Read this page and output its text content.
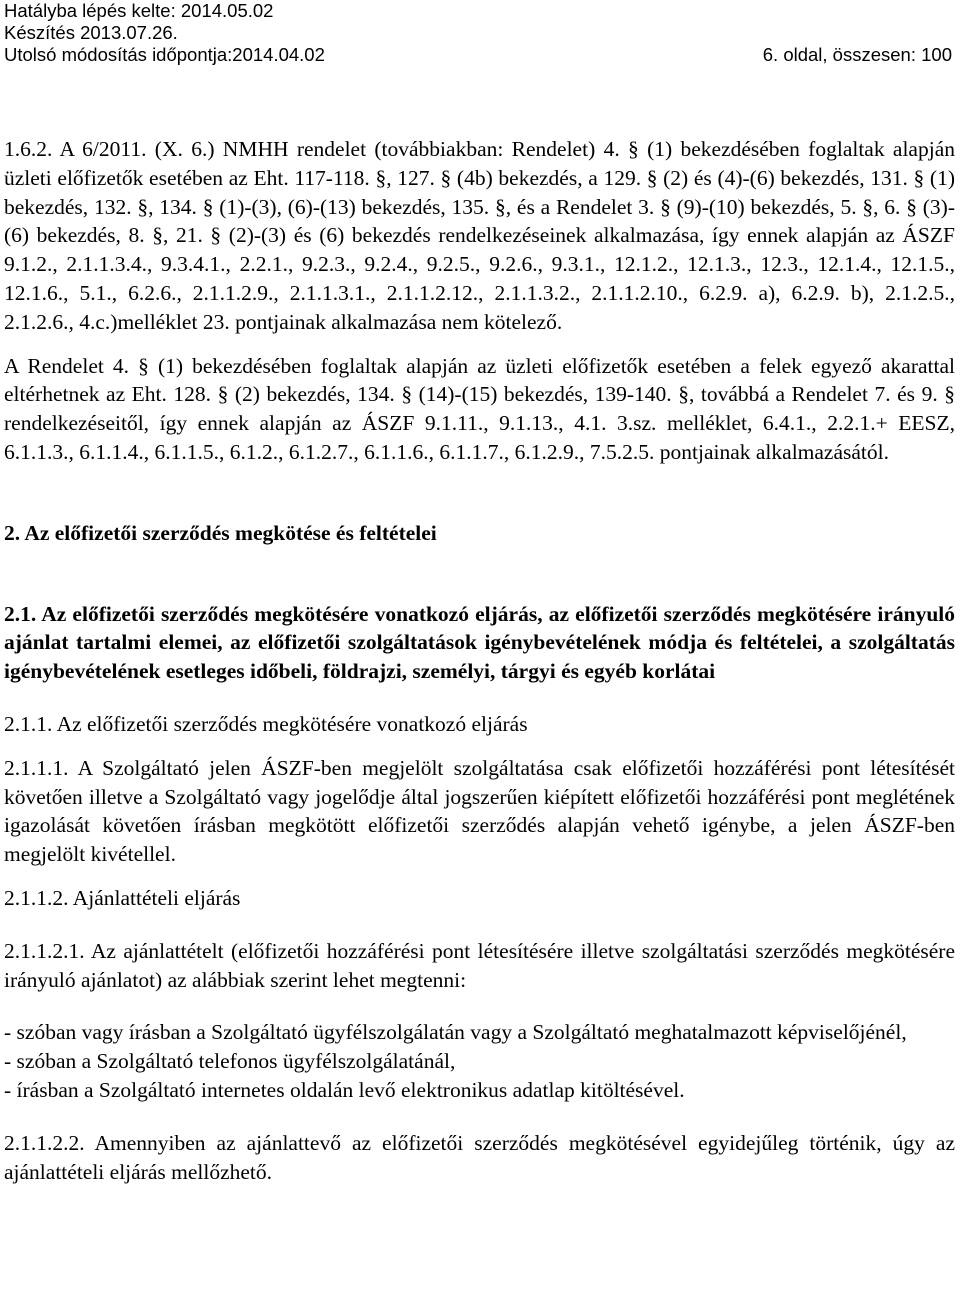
Hatályba lépés kelte: 2014.05.02
Készítés 2013.07.26.
Utolsó módosítás időpontja:2014.04.02	6. oldal, összesen: 100

1.6.2. A 6/2011. (X. 6.) NMHH rendelet (továbbiakban: Rendelet) 4. § (1) bekezdésében foglaltak alapján üzleti előfizetők esetében az Eht. 117-118. §, 127. § (4b) bekezdés, a 129. § (2) és (4)-(6) bekezdés, 131. § (1) bekezdés, 132. §, 134. § (1)-(3), (6)-(13) bekezdés, 135. §, és a Rendelet 3. § (9)-(10) bekezdés, 5. §, 6. § (3)-(6) bekezdés, 8. §, 21. § (2)-(3) és (6) bekezdés rendelkezéseinek alkalmazása, így ennek alapján az ÁSZF 9.1.2., 2.1.1.3.4., 9.3.4.1., 2.2.1., 9.2.3., 9.2.4., 9.2.5., 9.2.6., 9.3.1., 12.1.2., 12.1.3., 12.3., 12.1.4., 12.1.5., 12.1.6., 5.1., 6.2.6., 2.1.1.2.9., 2.1.1.3.1., 2.1.1.2.12., 2.1.1.3.2., 2.1.1.2.10., 6.2.9. a), 6.2.9. b), 2.1.2.5., 2.1.2.6., 4.c.)melléklet 23. pontjainak alkalmazása nem kötelező.

A Rendelet 4. § (1) bekezdésében foglaltak alapján az üzleti előfizetők esetében a felek egyező akarattal eltérhetnek az Eht. 128. § (2) bekezdés, 134. § (14)-(15) bekezdés, 139-140. §, továbbá a Rendelet 7. és 9. § rendelkezéseitől, így ennek alapján az ÁSZF 9.1.11., 9.1.13., 4.1. 3.sz. melléklet, 6.4.1., 2.2.1.+ EESZ, 6.1.1.3., 6.1.1.4., 6.1.1.5., 6.1.2., 6.1.2.7., 6.1.1.6., 6.1.1.7., 6.1.2.9., 7.5.2.5. pontjainak alkalmazásától.

2. Az előfizetői szerződés megkötése és feltételei

2.1. Az előfizetői szerződés megkötésére vonatkozó eljárás, az előfizetői szerződés megkötésére irányuló ajánlat tartalmi elemei, az előfizetői szolgáltatások igénybevételének módja és feltételei, a szolgáltatás igénybevételének esetleges időbeli, földrajzi, személyi, tárgyi és egyéb korlátai

2.1.1. Az előfizetői szerződés megkötésére vonatkozó eljárás

2.1.1.1. A Szolgáltató jelen ÁSZF-ben megjelölt szolgáltatása csak előfizetői hozzáférési pont létesítését követően illetve a Szolgáltató vagy jogelődje által jogszerűen kiépített előfizetői hozzáférési pont meglétének igazolását követően írásban megkötött előfizetői szerződés alapján vehető igénybe, a jelen ÁSZF-ben megjelölt kivétellel.

2.1.1.2. Ajánlattételi eljárás

2.1.1.2.1. Az ajánlattételt (előfizetői hozzáférési pont létesítésére illetve szolgáltatási szerződés megkötésére irányuló ajánlatot) az alábbiak szerint lehet megtenni:

- szóban vagy írásban a Szolgáltató ügyfélszolgálatán vagy a Szolgáltató meghatalmazott képviselőjénél,

- szóban a Szolgáltató telefonos ügyfélszolgálatánál,

- írásban a Szolgáltató internetes oldalán levő elektronikus adatlap kitöltésével.

2.1.1.2.2. Amennyiben az ajánlattevő az előfizetői szerződés megkötésével egyidejűleg történik, úgy az ajánlattételi eljárás mellőzhető.
